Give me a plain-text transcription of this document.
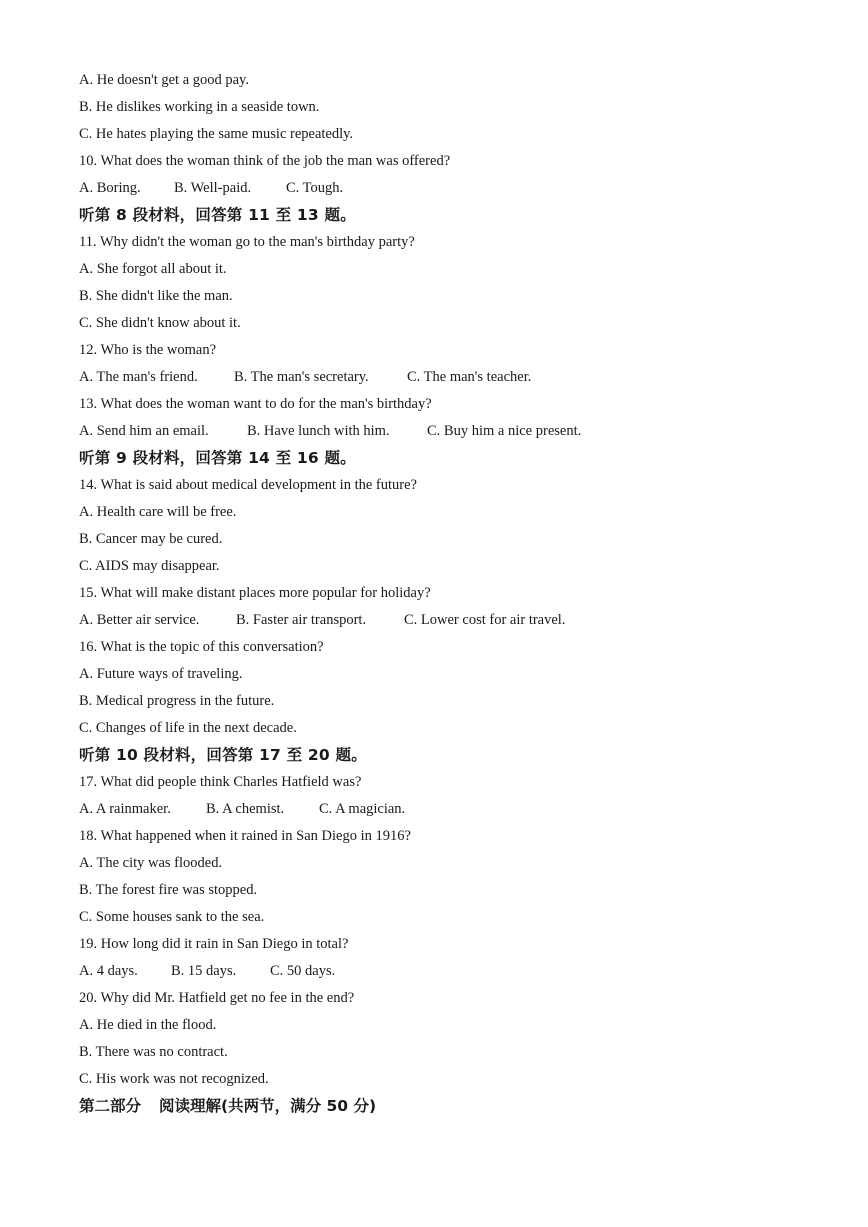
A. He doesn't get a good pay.
B. He dislikes working in a seaside town.
C. He hates playing the same music repeatedly.
10. What does the woman think of the job the man was offered?
A. Boring. B. Well-paid. C. Tough.
听第 8 段材料，回答第 11 至 13 题。
11. Why didn't the woman go to the man's birthday party?
A. She forgot all about it.
B. She didn't like the man.
C. She didn't know about it.
12. Who is the woman?
A. The man's friend.	B. The man's secretary.	C. The man's teacher.
13. What does the woman want to do for the man's birthday?
A. Send him an email.	B. Have lunch with him.	C. Buy him a nice present.
听第 9 段材料，回答第 14 至 16 题。
14. What is said about medical development in the future?
A. Health care will be free.
B. Cancer may be cured.
C. AIDS may disappear.
15. What will make distant places more popular for holiday?
A. Better air service.	B. Faster air transport.	C. Lower cost for air travel.
16. What is the topic of this conversation?
A. Future ways of traveling.
B. Medical progress in the future.
C. Changes of life in the next decade.
听第 10 段材料，回答第 17 至 20 题。
17. What did people think Charles Hatfield was?
A. A rainmaker. B. A chemist. C. A magician.
18. What happened when it rained in San Diego in 1916?
A. The city was flooded.
B. The forest fire was stopped.
C. Some houses sank to the sea.
19. How long did it rain in San Diego in total?
A. 4 days. B. 15 days. C. 50 days.
20. Why did Mr. Hatfield get no fee in the end?
A. He died in the flood.
B. There was no contract.
C. His work was not recognized.
第二部分 阅读理解(共两节，满分 50 分)
